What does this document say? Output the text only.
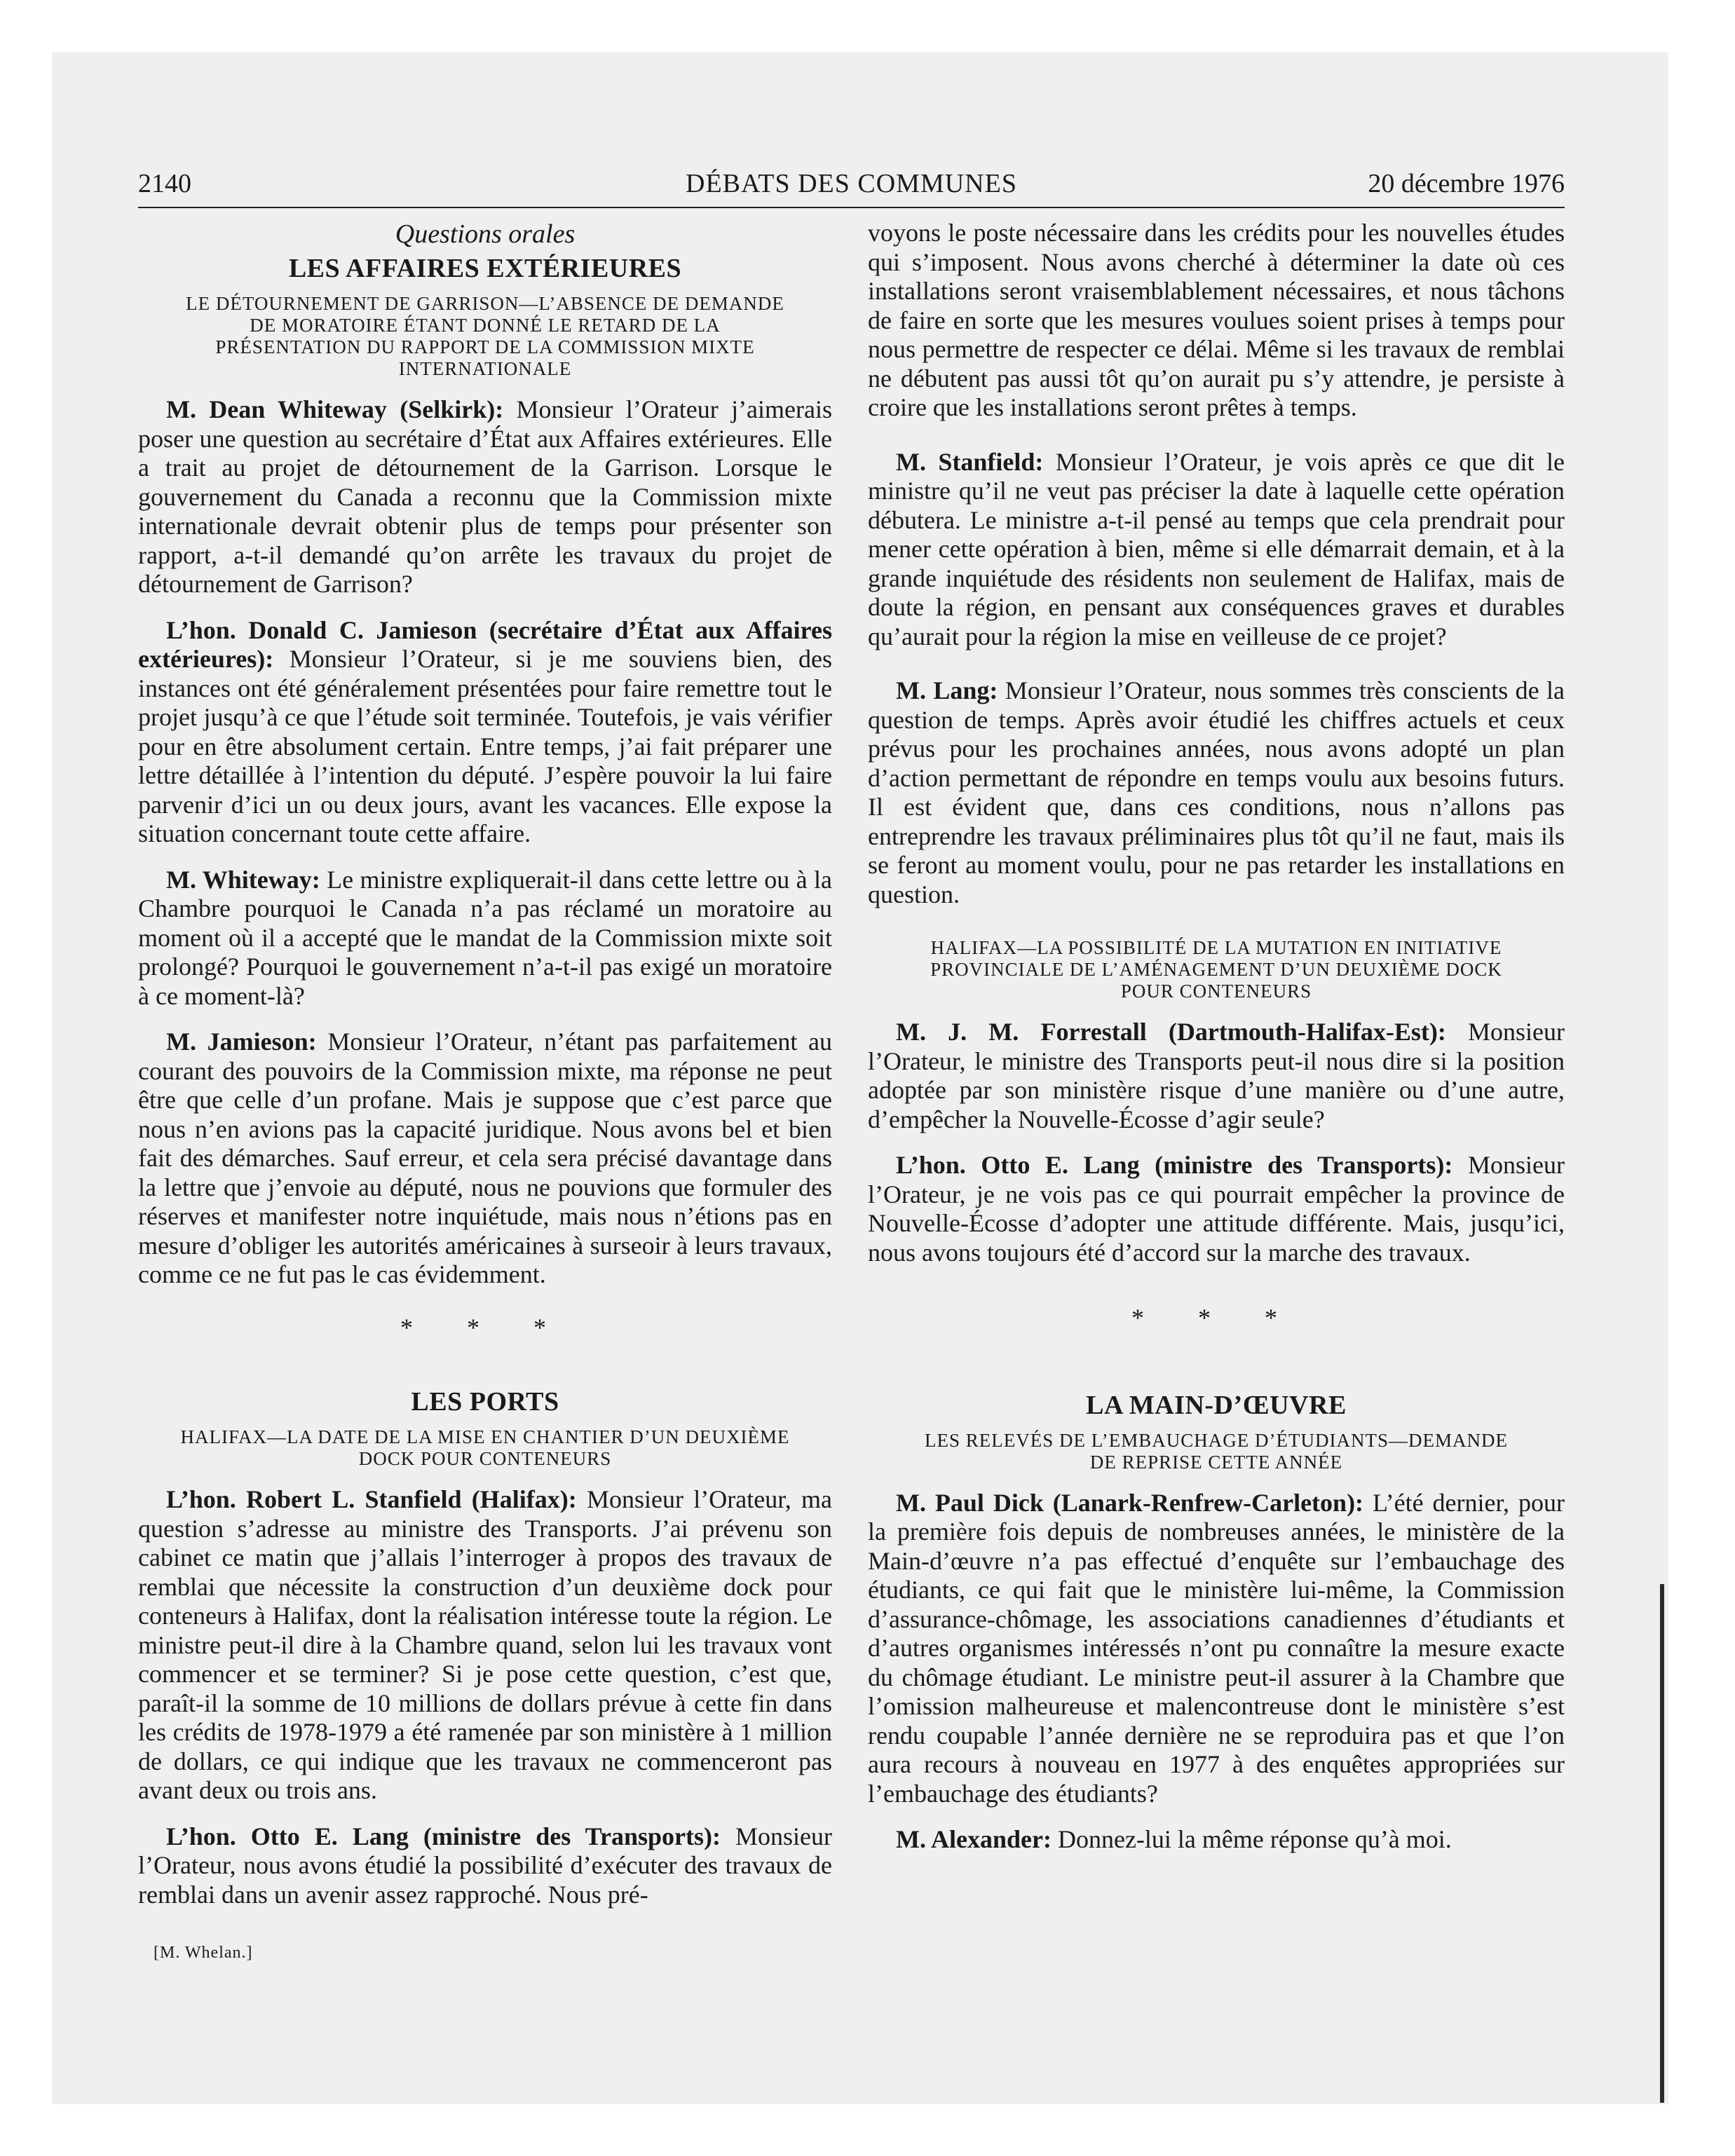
2140	DÉBATS DES COMMUNES	20 décembre 1976
Questions orales
LES AFFAIRES EXTÉRIEURES
LE DÉTOURNEMENT DE GARRISON—L’ABSENCE DE DEMANDE DE MORATOIRE ÉTANT DONNÉ LE RETARD DE LA PRÉSENTATION DU RAPPORT DE LA COMMISSION MIXTE INTERNATIONALE

M. Dean Whiteway (Selkirk): Monsieur l’Orateur j’aimerais poser une question au secrétaire d’État aux Affaires extérieures. Elle a trait au projet de détournement de la Garrison. Lorsque le gouvernement du Canada a reconnu que la Commission mixte internationale devrait obtenir plus de temps pour présenter son rapport, a-t-il demandé qu’on arrête les travaux du projet de détournement de Garrison?

L’hon. Donald C. Jamieson (secrétaire d’État aux Affaires extérieures): Monsieur l’Orateur, si je me souviens bien, des instances ont été généralement présentées pour faire remettre tout le projet jusqu’à ce que l’étude soit terminée. Toutefois, je vais vérifier pour en être absolument certain. Entre temps, j’ai fait préparer une lettre détaillée à l’intention du député. J’espère pouvoir la lui faire parvenir d’ici un ou deux jours, avant les vacances. Elle expose la situation concernant toute cette affaire.

M. Whiteway: Le ministre expliquerait-il dans cette lettre ou à la Chambre pourquoi le Canada n’a pas réclamé un moratoire au moment où il a accepté que le mandat de la Commission mixte soit prolongé? Pourquoi le gouvernement n’a-t-il pas exigé un moratoire à ce moment-là?

M. Jamieson: Monsieur l’Orateur, n’étant pas parfaitement au courant des pouvoirs de la Commission mixte, ma réponse ne peut être que celle d’un profane. Mais je suppose que c’est parce que nous n’en avions pas la capacité juridique. Nous avons bel et bien fait des démarches. Sauf erreur, et cela sera précisé davantage dans la lettre que j’envoie au député, nous ne pouvions que formuler des réserves et manifester notre inquiétude, mais nous n’étions pas en mesure d’obliger les autorités américaines à surseoir à leurs travaux, comme ce ne fut pas le cas évidemment.

* * *
LES PORTS
HALIFAX—LA DATE DE LA MISE EN CHANTIER D’UN DEUXIÈME DOCK POUR CONTENEURS

L’hon. Robert L. Stanfield (Halifax): Monsieur l’Orateur, ma question s’adresse au ministre des Transports. J’ai prévenu son cabinet ce matin que j’allais l’interroger à propos des travaux de remblai que nécessite la construction d’un deuxième dock pour conteneurs à Halifax, dont la réalisation intéresse toute la région. Le ministre peut-il dire à la Chambre quand, selon lui les travaux vont commencer et se terminer? Si je pose cette question, c’est que, paraît-il la somme de 10 millions de dollars prévue à cette fin dans les crédits de 1978-1979 a été ramenée par son ministère à 1 million de dollars, ce qui indique que les travaux ne commenceront pas avant deux ou trois ans.

L’hon. Otto E. Lang (ministre des Transports): Monsieur l’Orateur, nous avons étudié la possibilité d’exécuter des travaux de remblai dans un avenir assez rapproché. Nous pré-

[M. Whelan.]

voyons le poste nécessaire dans les crédits pour les nouvelles études qui s’imposent. Nous avons cherché à déterminer la date où ces installations seront vraisemblablement nécessaires, et nous tâchons de faire en sorte que les mesures voulues soient prises à temps pour nous permettre de respecter ce délai. Même si les travaux de remblai ne débutent pas aussi tôt qu’on aurait pu s’y attendre, je persiste à croire que les installations seront prêtes à temps.

M. Stanfield: Monsieur l’Orateur, je vois après ce que dit le ministre qu’il ne veut pas préciser la date à laquelle cette opération débutera. Le ministre a-t-il pensé au temps que cela prendrait pour mener cette opération à bien, même si elle démarrait demain, et à la grande inquiétude des résidents non seulement de Halifax, mais de doute la région, en pensant aux conséquences graves et durables qu’aurait pour la région la mise en veilleuse de ce projet?

M. Lang: Monsieur l’Orateur, nous sommes très conscients de la question de temps. Après avoir étudié les chiffres actuels et ceux prévus pour les prochaines années, nous avons adopté un plan d’action permettant de répondre en temps voulu aux besoins futurs. Il est évident que, dans ces conditions, nous n’allons pas entreprendre les travaux préliminaires plus tôt qu’il ne faut, mais ils se feront au moment voulu, pour ne pas retarder les installations en question.

HALIFAX—LA POSSIBILITÉ DE LA MUTATION EN INITIATIVE PROVINCIALE DE L’AMÉNAGEMENT D’UN DEUXIÈME DOCK POUR CONTENEURS

M. J. M. Forrestall (Dartmouth-Halifax-Est): Monsieur l’Orateur, le ministre des Transports peut-il nous dire si la position adoptée par son ministère risque d’une manière ou d’une autre, d’empêcher la Nouvelle-Écosse d’agir seule?

L’hon. Otto E. Lang (ministre des Transports): Monsieur l’Orateur, je ne vois pas ce qui pourrait empêcher la province de Nouvelle-Écosse d’adopter une attitude différente. Mais, jusqu’ici, nous avons toujours été d’accord sur la marche des travaux.

* * *
LA MAIN-D’ŒUVRE
LES RELEVÉS DE L’EMBAUCHAGE D’ÉTUDIANTS—DEMANDE DE REPRISE CETTE ANNÉE

M. Paul Dick (Lanark-Renfrew-Carleton): L’été dernier, pour la première fois depuis de nombreuses années, le ministère de la Main-d’œuvre n’a pas effectué d’enquête sur l’embauchage des étudiants, ce qui fait que le ministère lui-même, la Commission d’assurance-chômage, les associations canadiennes d’étudiants et d’autres organismes intéressés n’ont pu connaître la mesure exacte du chômage étudiant. Le ministre peut-il assurer à la Chambre que l’omission malheureuse et malencontreuse dont le ministère s’est rendu coupable l’année dernière ne se reproduira pas et que l’on aura recours à nouveau en 1977 à des enquêtes appropriées sur l’embauchage des étudiants?

M. Alexander: Donnez-lui la même réponse qu’à moi.
